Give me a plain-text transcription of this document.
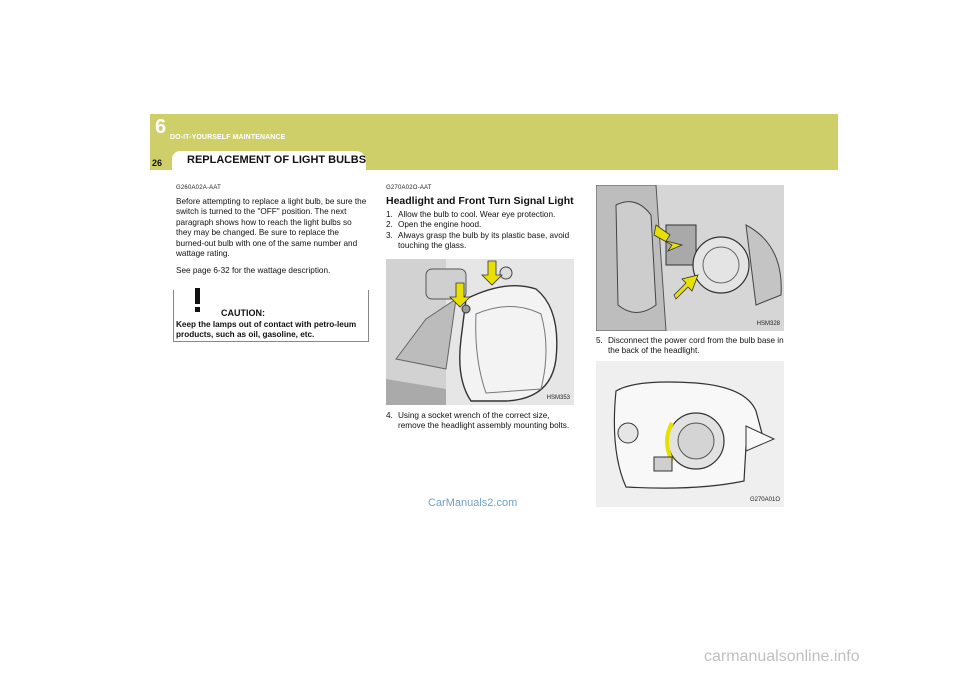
6 DO-IT-YOURSELF MAINTENANCE
26 REPLACEMENT OF LIGHT BULBS
G260A02A-AAT

Before attempting to replace a light bulb, be sure the switch is turned to the "OFF" position. The next paragraph shows how to reach the light bulbs so they may be changed. Be sure to replace the burned-out bulb with one of the same number and wattage rating.

See page 6-32 for the wattage description.

CAUTION:
Keep the lamps out of contact with petro-leum products, such as oil, gasoline, etc.
G270A02O-AAT
Headlight and Front Turn Signal Light
1. Allow the bulb to cool. Wear eye protection.
2. Open the engine hood.
3. Always grasp the bulb by its plastic base, avoid touching the glass.
HSM353
4. Using a socket wrench of the correct size, remove the headlight assembly mounting bolts.
HSM328
5. Disconnect the power cord from the bulb base in the back of the headlight.
G270A01O
CarManuals2.com
carmanualsonline.info
